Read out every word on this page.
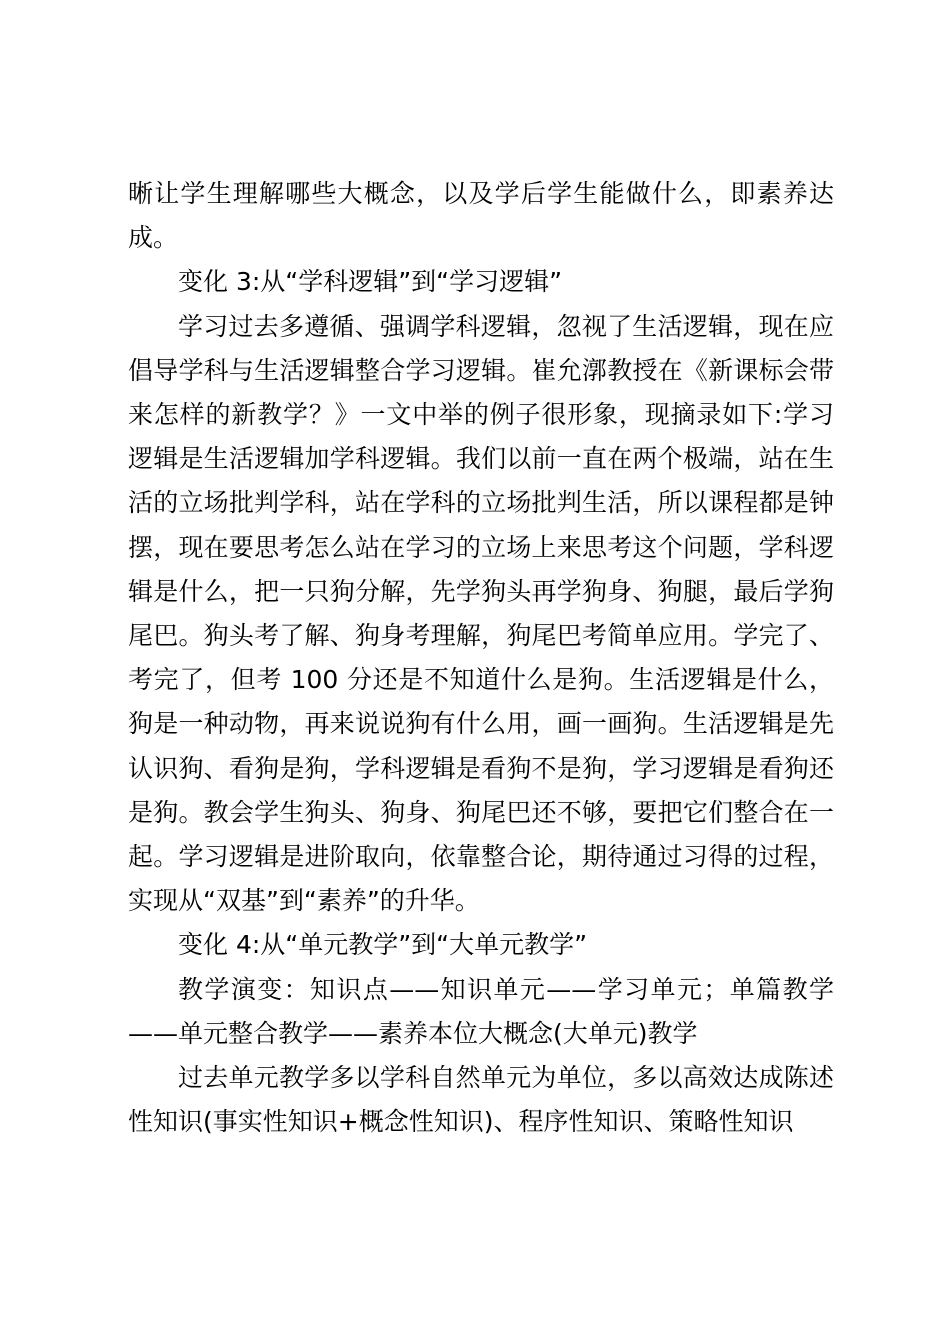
晰让学生理解哪些大概念，以及学后学生能做什么，即素养达成。

变化 3:从“学科逻辑”到“学习逻辑”

学习过去多遵循、强调学科逻辑，忽视了生活逻辑，现在应倡导学科与生活逻辑整合学习逻辑。崔允漷教授在《新课标会带来怎样的新教学？》一文中举的例子很形象，现摘录如下:学习逻辑是生活逻辑加学科逻辑。我们以前一直在两个极端，站在生活的立场批判学科，站在学科的立场批判生活，所以课程都是钟摆，现在要思考怎么站在学习的立场上来思考这个问题，学科逻辑是什么，把一只狗分解，先学狗头再学狗身、狗腿，最后学狗尾巴。狗头考了解、狗身考理解，狗尾巴考简单应用。学完了、考完了，但考 100 分还是不知道什么是狗。生活逻辑是什么，狗是一种动物，再来说说狗有什么用，画一画狗。生活逻辑是先认识狗、看狗是狗，学科逻辑是看狗不是狗，学习逻辑是看狗还是狗。教会学生狗头、狗身、狗尾巴还不够，要把它们整合在一起。学习逻辑是进阶取向，依靠整合论，期待通过习得的过程，实现从“双基”到“素养”的升华。

变化 4:从“单元教学”到“大单元教学”

教学演变：知识点——知识单元——学习单元；单篇教学——单元整合教学——素养本位大概念(大单元)教学

过去单元教学多以学科自然单元为单位，多以高效达成陈述性知识(事实性知识+概念性知识)、程序性知识、策略性知识
